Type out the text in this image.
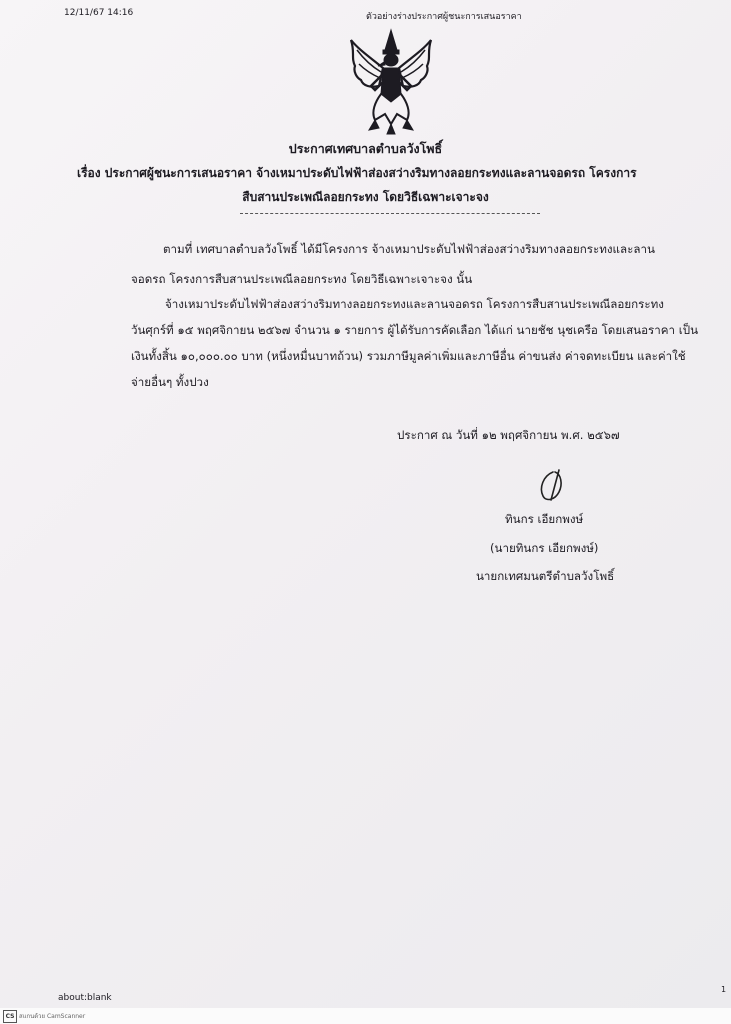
12/11/67 14:16	ตัวอย่างร่างประกาศผู้ชนะการเสนอราคา
ประกาศเทศบาลตำบลวังโพธิ์
เรื่อง ประกาศผู้ชนะการเสนอราคา จ้างเหมาประดับไฟฟ้าส่องสว่างริมทางลอยกระทงและลานจอดรถ โครงการ
สืบสานประเพณีลอยกระทง โดยวิธีเฉพาะเจาะจง
ตามที่ เทศบาลตำบลวังโพธิ์ ได้มีโครงการ จ้างเหมาประดับไฟฟ้าส่องสว่างริมทางลอยกระทงและลาน
จอดรถ โครงการสืบสานประเพณีลอยกระทง โดยวิธีเฉพาะเจาะจง นั้น
จ้างเหมาประดับไฟฟ้าส่องสว่างริมทางลอยกระทงและลานจอดรถ โครงการสืบสานประเพณีลอยกระทง
วันศุกร์ที่ ๑๕ พฤศจิกายน ๒๕๖๗ จำนวน ๑ รายการ ผู้ได้รับการคัดเลือก ได้แก่ นายชัช นุชเครือ โดยเสนอราคา เป็น
เงินทั้งสิ้น ๑๐,๐๐๐.๐๐ บาท (หนึ่งหมื่นบาทถ้วน) รวมภาษีมูลค่าเพิ่มและภาษีอื่น ค่าขนส่ง ค่าจดทะเบียน และค่าใช้
จ่ายอื่นๆ ทั้งปวง
ประกาศ ณ วันที่ ๑๒ พฤศจิกายน พ.ศ. ๒๕๖๗
ทินกร เอียกพงษ์
(นายทินกร เอียกพงษ์)
นายกเทศมนตรีตำบลวังโพธิ์
about:blank
1
CS สแกนด้วย CamScanner
